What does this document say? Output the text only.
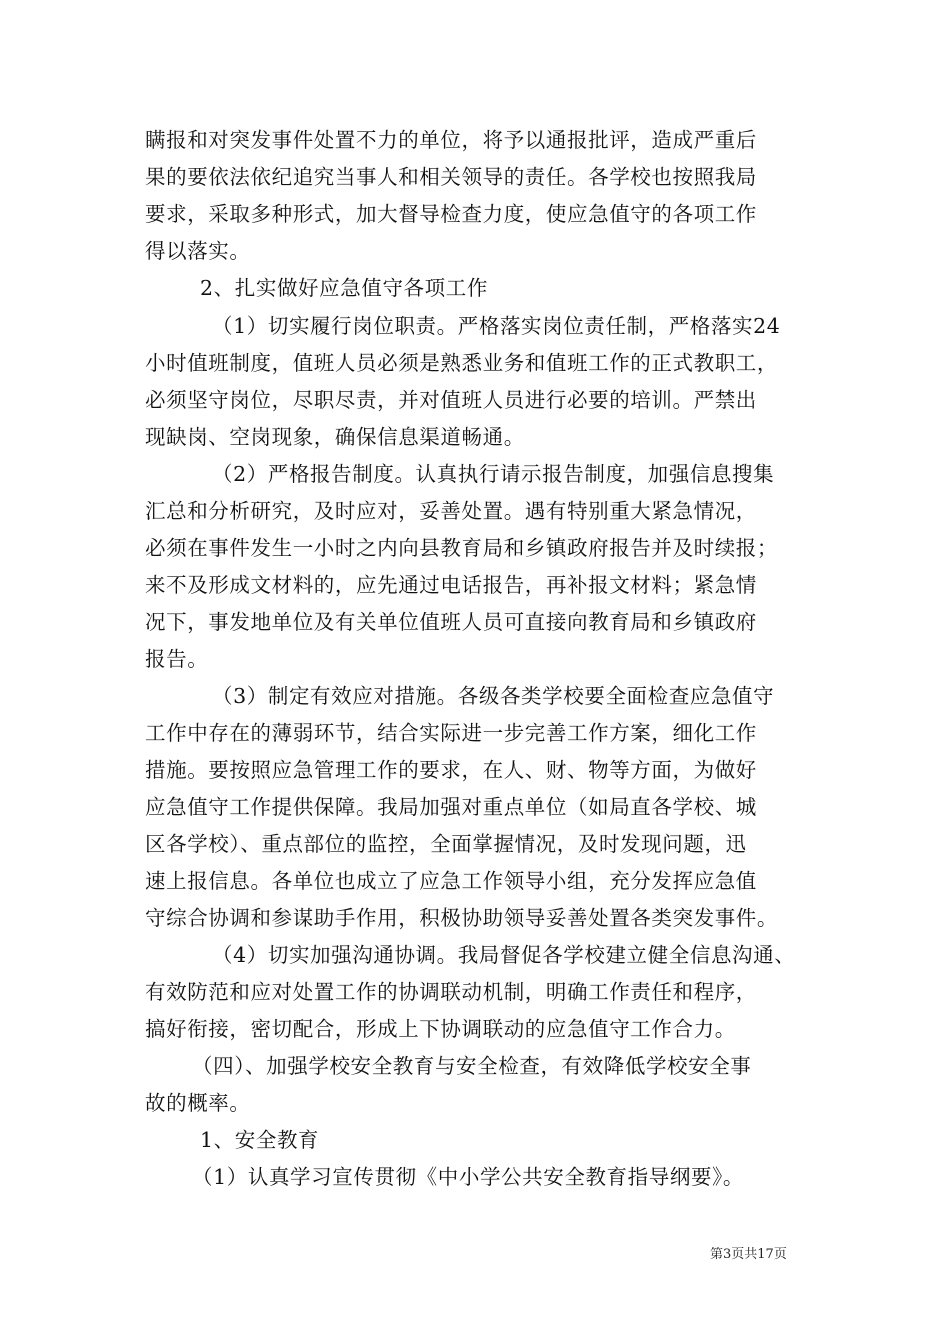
瞒报和对突发事件处置不力的单位，将予以通报批评，造成严重后
果的要依法依纪追究当事人和相关领导的责任。各学校也按照我局
要求，采取多种形式，加大督导检查力度，使应急值守的各项工作
得以落实。
2、扎实做好应急值守各项工作
（1）切实履行岗位职责。严格落实岗位责任制，严格落实24
小时值班制度，值班人员必须是熟悉业务和值班工作的正式教职工，
必须坚守岗位，尽职尽责，并对值班人员进行必要的培训。严禁出
现缺岗、空岗现象，确保信息渠道畅通。
（2）严格报告制度。认真执行请示报告制度，加强信息搜集
汇总和分析研究，及时应对，妥善处置。遇有特别重大紧急情况，
必须在事件发生一小时之内向县教育局和乡镇政府报告并及时续报；
来不及形成文材料的，应先通过电话报告，再补报文材料；紧急情
况下，事发地单位及有关单位值班人员可直接向教育局和乡镇政府
报告。
（3）制定有效应对措施。各级各类学校要全面检查应急值守
工作中存在的薄弱环节，结合实际进一步完善工作方案，细化工作
措施。要按照应急管理工作的要求，在人、财、物等方面，为做好
应急值守工作提供保障。我局加强对重点单位（如局直各学校、城
区各学校）、重点部位的监控，全面掌握情况，及时发现问题，迅
速上报信息。各单位也成立了应急工作领导小组，充分发挥应急值
守综合协调和参谋助手作用，积极协助领导妥善处置各类突发事件。
（4）切实加强沟通协调。我局督促各学校建立健全信息沟通、
有效防范和应对处置工作的协调联动机制，明确工作责任和程序，
搞好衔接，密切配合，形成上下协调联动的应急值守工作合力。
（四）、加强学校安全教育与安全检查，有效降低学校安全事
故的概率。
1、安全教育
（1）认真学习宣传贯彻《中小学公共安全教育指导纲要》。
第3页共17页
